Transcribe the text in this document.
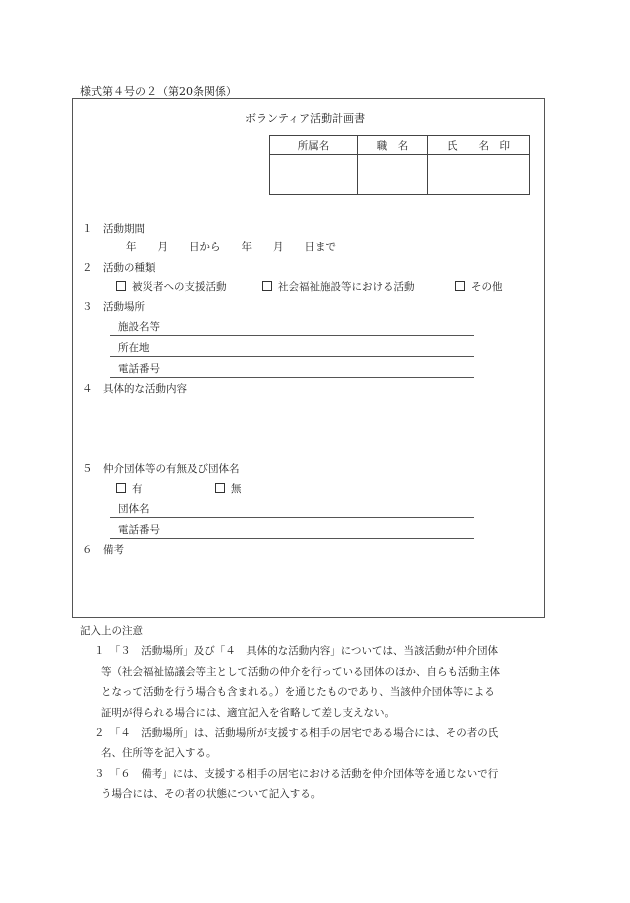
様式第４号の２（第20条関係）
ボランティア活動計画書
所属名	職　名	氏　　名　印

１ 活動期間
年　　月　　日から　　年　　月　　日まで
２ 活動の種類
被災者への支援活動	社会福祉施設等における活動	その他
３ 活動場所
施設名等
所在地
電話番号
４ 具体的な活動内容
５ 仲介団体等の有無及び団体名
有	無
団体名
電話番号
６ 備考
記入上の注意
１　「３　活動場所」及び「４　具体的な活動内容」については、当該活動が仲介団体
等（社会福祉協議会等主として活動の仲介を行っている団体のほか、自らも活動主体
となって活動を行う場合も含まれる。）を通じたものであり、当該仲介団体等による
証明が得られる場合には、適宜記入を省略して差し支えない。
２　「４　活動場所」は、活動場所が支援する相手の居宅である場合には、その者の氏
名、住所等を記入する。
３　「６　備考」には、支援する相手の居宅における活動を仲介団体等を通じないで行
う場合には、その者の状態について記入する。
